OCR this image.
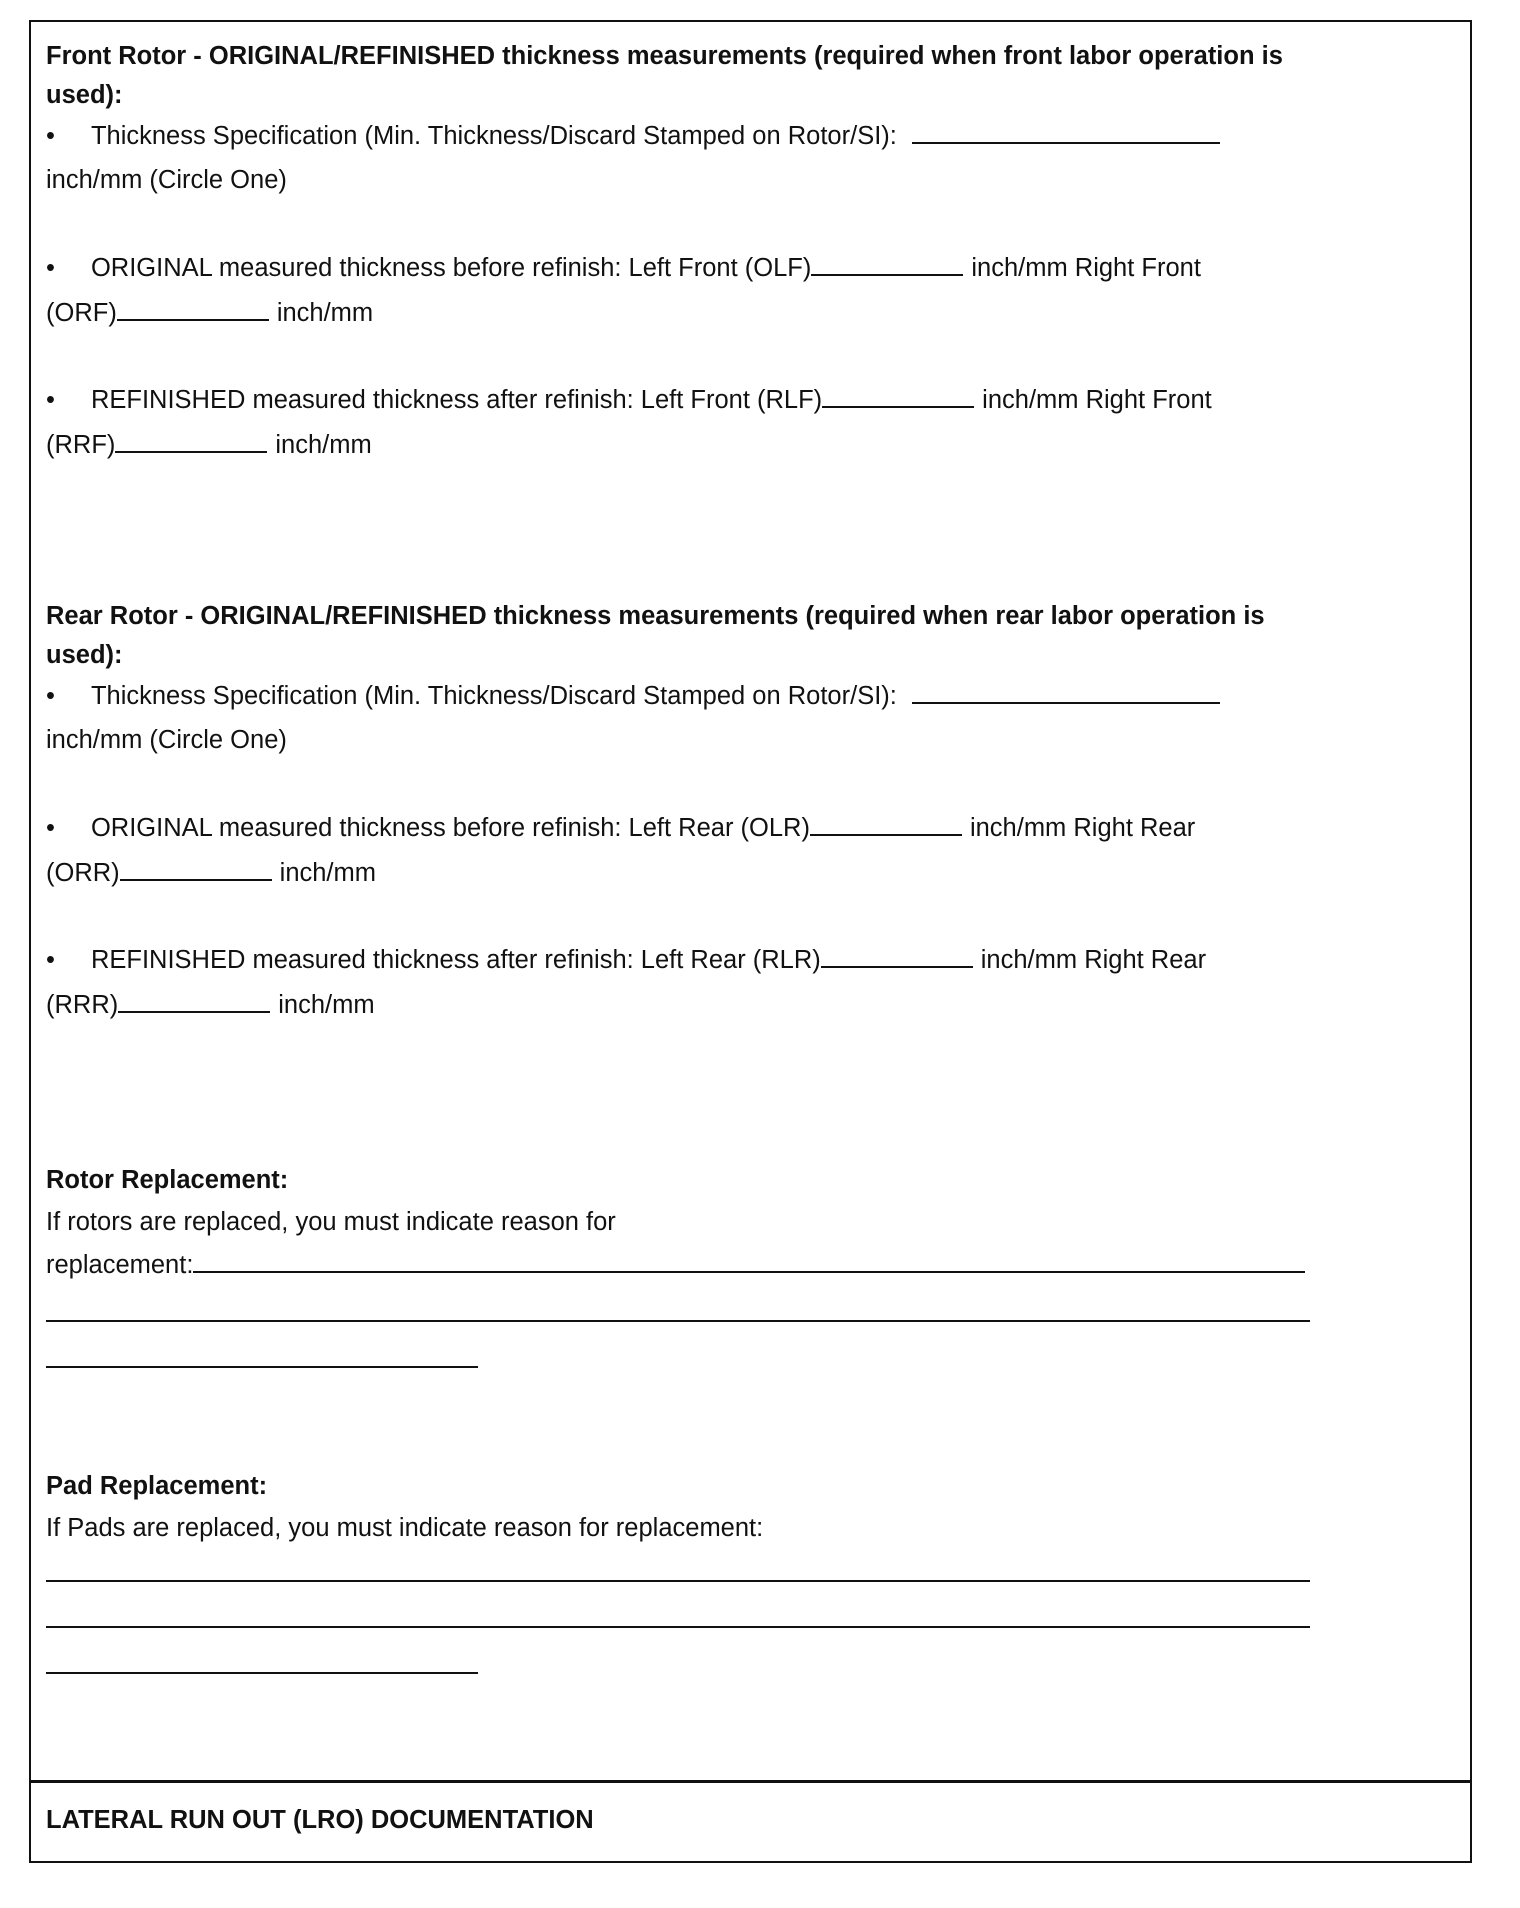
Front Rotor - ORIGINAL/REFINISHED thickness measurements (required when front labor operation is
used):
• Thickness Specification (Min. Thickness/Discard Stamped on Rotor/SI):
inch/mm (Circle One)
• ORIGINAL measured thickness before refinish: Left Front (OLF)	inch/mm Right Front
(ORF)	inch/mm
• REFINISHED measured thickness after refinish: Left Front (RLF)	inch/mm Right Front
(RRF)	inch/mm
Rear Rotor - ORIGINAL/REFINISHED thickness measurements (required when rear labor operation is
used):
• Thickness Specification (Min. Thickness/Discard Stamped on Rotor/SI):
inch/mm (Circle One)
• ORIGINAL measured thickness before refinish: Left Rear (OLR)	inch/mm Right Rear
(ORR)	inch/mm
• REFINISHED measured thickness after refinish: Left Rear (RLR)	inch/mm Right Rear
(RRR)	inch/mm
Rotor Replacement:
If rotors are replaced, you must indicate reason for
replacement:
Pad Replacement:
If Pads are replaced, you must indicate reason for replacement:
LATERAL RUN OUT (LRO) DOCUMENTATION
